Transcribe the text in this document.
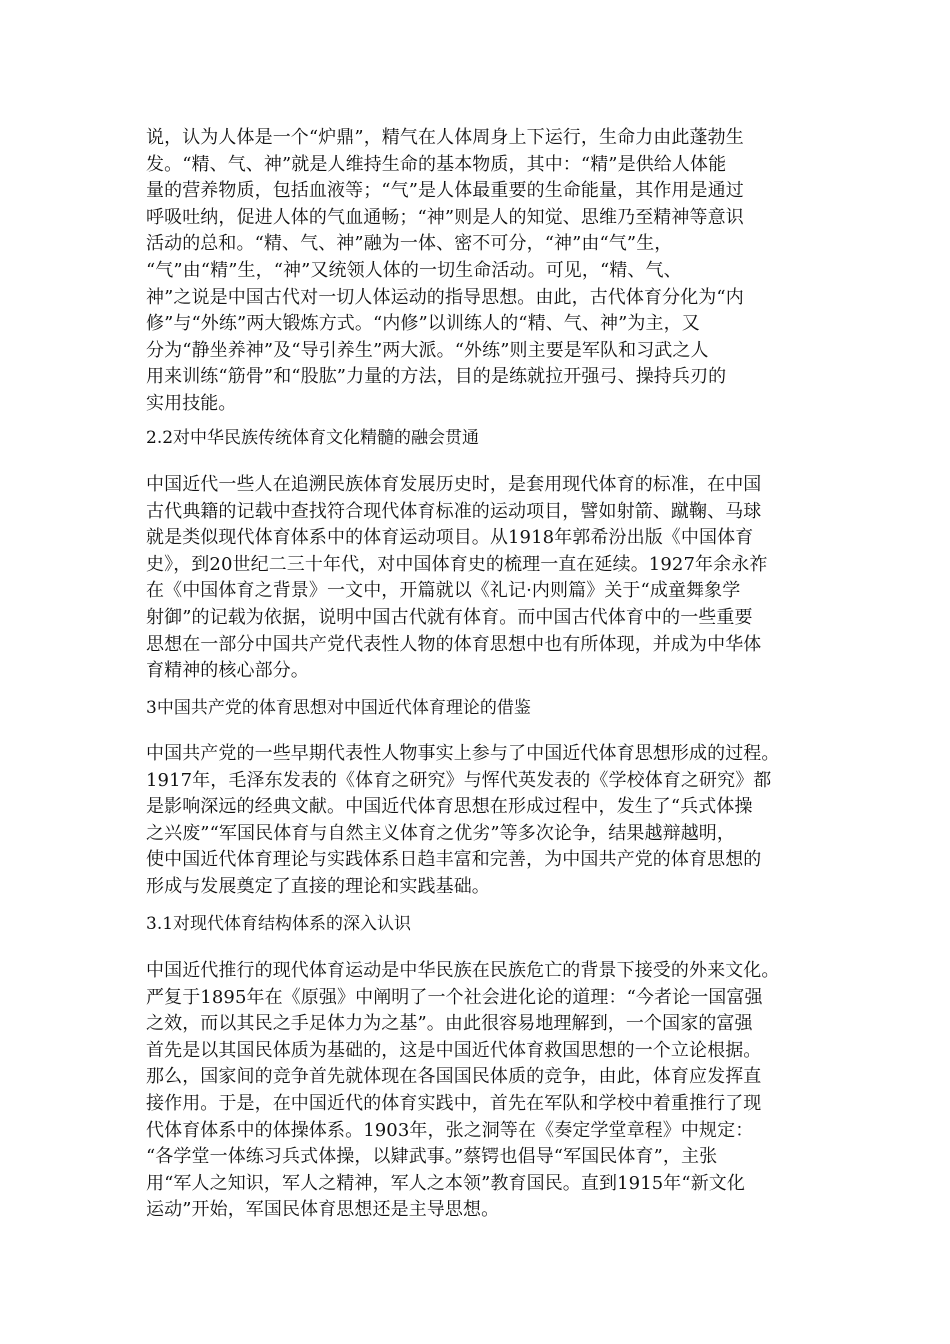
说，认为人体是一个“炉鼎”，精气在人体周身上下运行，生命力由此蓬勃生
发。“精、气、神”就是人维持生命的基本物质，其中：“精”是供给人体能
量的营养物质，包括血液等；“气”是人体最重要的生命能量，其作用是通过
呼吸吐纳，促进人体的气血通畅；“神”则是人的知觉、思维乃至精神等意识
活动的总和。“精、气、神”融为一体、密不可分，“神”由“气”生，
“气”由“精”生，“神”又统领人体的一切生命活动。可见，“精、气、
神”之说是中国古代对一切人体运动的指导思想。由此，古代体育分化为“内
修”与“外练”两大锻炼方式。“内修”以训练人的“精、气、神”为主，又
分为“静坐养神”及“导引养生”两大派。“外练”则主要是军队和习武之人
用来训练“筋骨”和“股肱”力量的方法，目的是练就拉开强弓、操持兵刃的
实用技能。
2.2对中华民族传统体育文化精髓的融会贯通
中国近代一些人在追溯民族体育发展历史时，是套用现代体育的标准，在中国
古代典籍的记载中查找符合现代体育标准的运动项目，譬如射箭、蹴鞠、马球
就是类似现代体育体系中的体育运动项目。从1918年郭希汾出版《中国体育
史》，到20世纪二三十年代，对中国体育史的梳理一直在延续。1927年余永祚
在《中国体育之背景》一文中，开篇就以《礼记·内则篇》关于“成童舞象学
射御”的记载为依据，说明中国古代就有体育。而中国古代体育中的一些重要
思想在一部分中国共产党代表性人物的体育思想中也有所体现，并成为中华体
育精神的核心部分。
3中国共产党的体育思想对中国近代体育理论的借鉴
中国共产党的一些早期代表性人物事实上参与了中国近代体育思想形成的过程。
1917年，毛泽东发表的《体育之研究》与恽代英发表的《学校体育之研究》都
是影响深远的经典文献。中国近代体育思想在形成过程中，发生了“兵式体操
之兴废”“军国民体育与自然主义体育之优劣”等多次论争，结果越辩越明，
使中国近代体育理论与实践体系日趋丰富和完善，为中国共产党的体育思想的
形成与发展奠定了直接的理论和实践基础。
3.1对现代体育结构体系的深入认识
中国近代推行的现代体育运动是中华民族在民族危亡的背景下接受的外来文化。
严复于1895年在《原强》中阐明了一个社会进化论的道理：“今者论一国富强
之效，而以其民之手足体力为之基”。由此很容易地理解到，一个国家的富强
首先是以其国民体质为基础的，这是中国近代体育救国思想的一个立论根据。
那么，国家间的竞争首先就体现在各国国民体质的竞争，由此，体育应发挥直
接作用。于是，在中国近代的体育实践中，首先在军队和学校中着重推行了现
代体育体系中的体操体系。1903年，张之洞等在《奏定学堂章程》中规定：
“各学堂一体练习兵式体操，以肄武事。”蔡锷也倡导“军国民体育”，主张
用“军人之知识，军人之精神，军人之本领”教育国民。直到1915年“新文化
运动”开始，军国民体育思想还是主导思想。
